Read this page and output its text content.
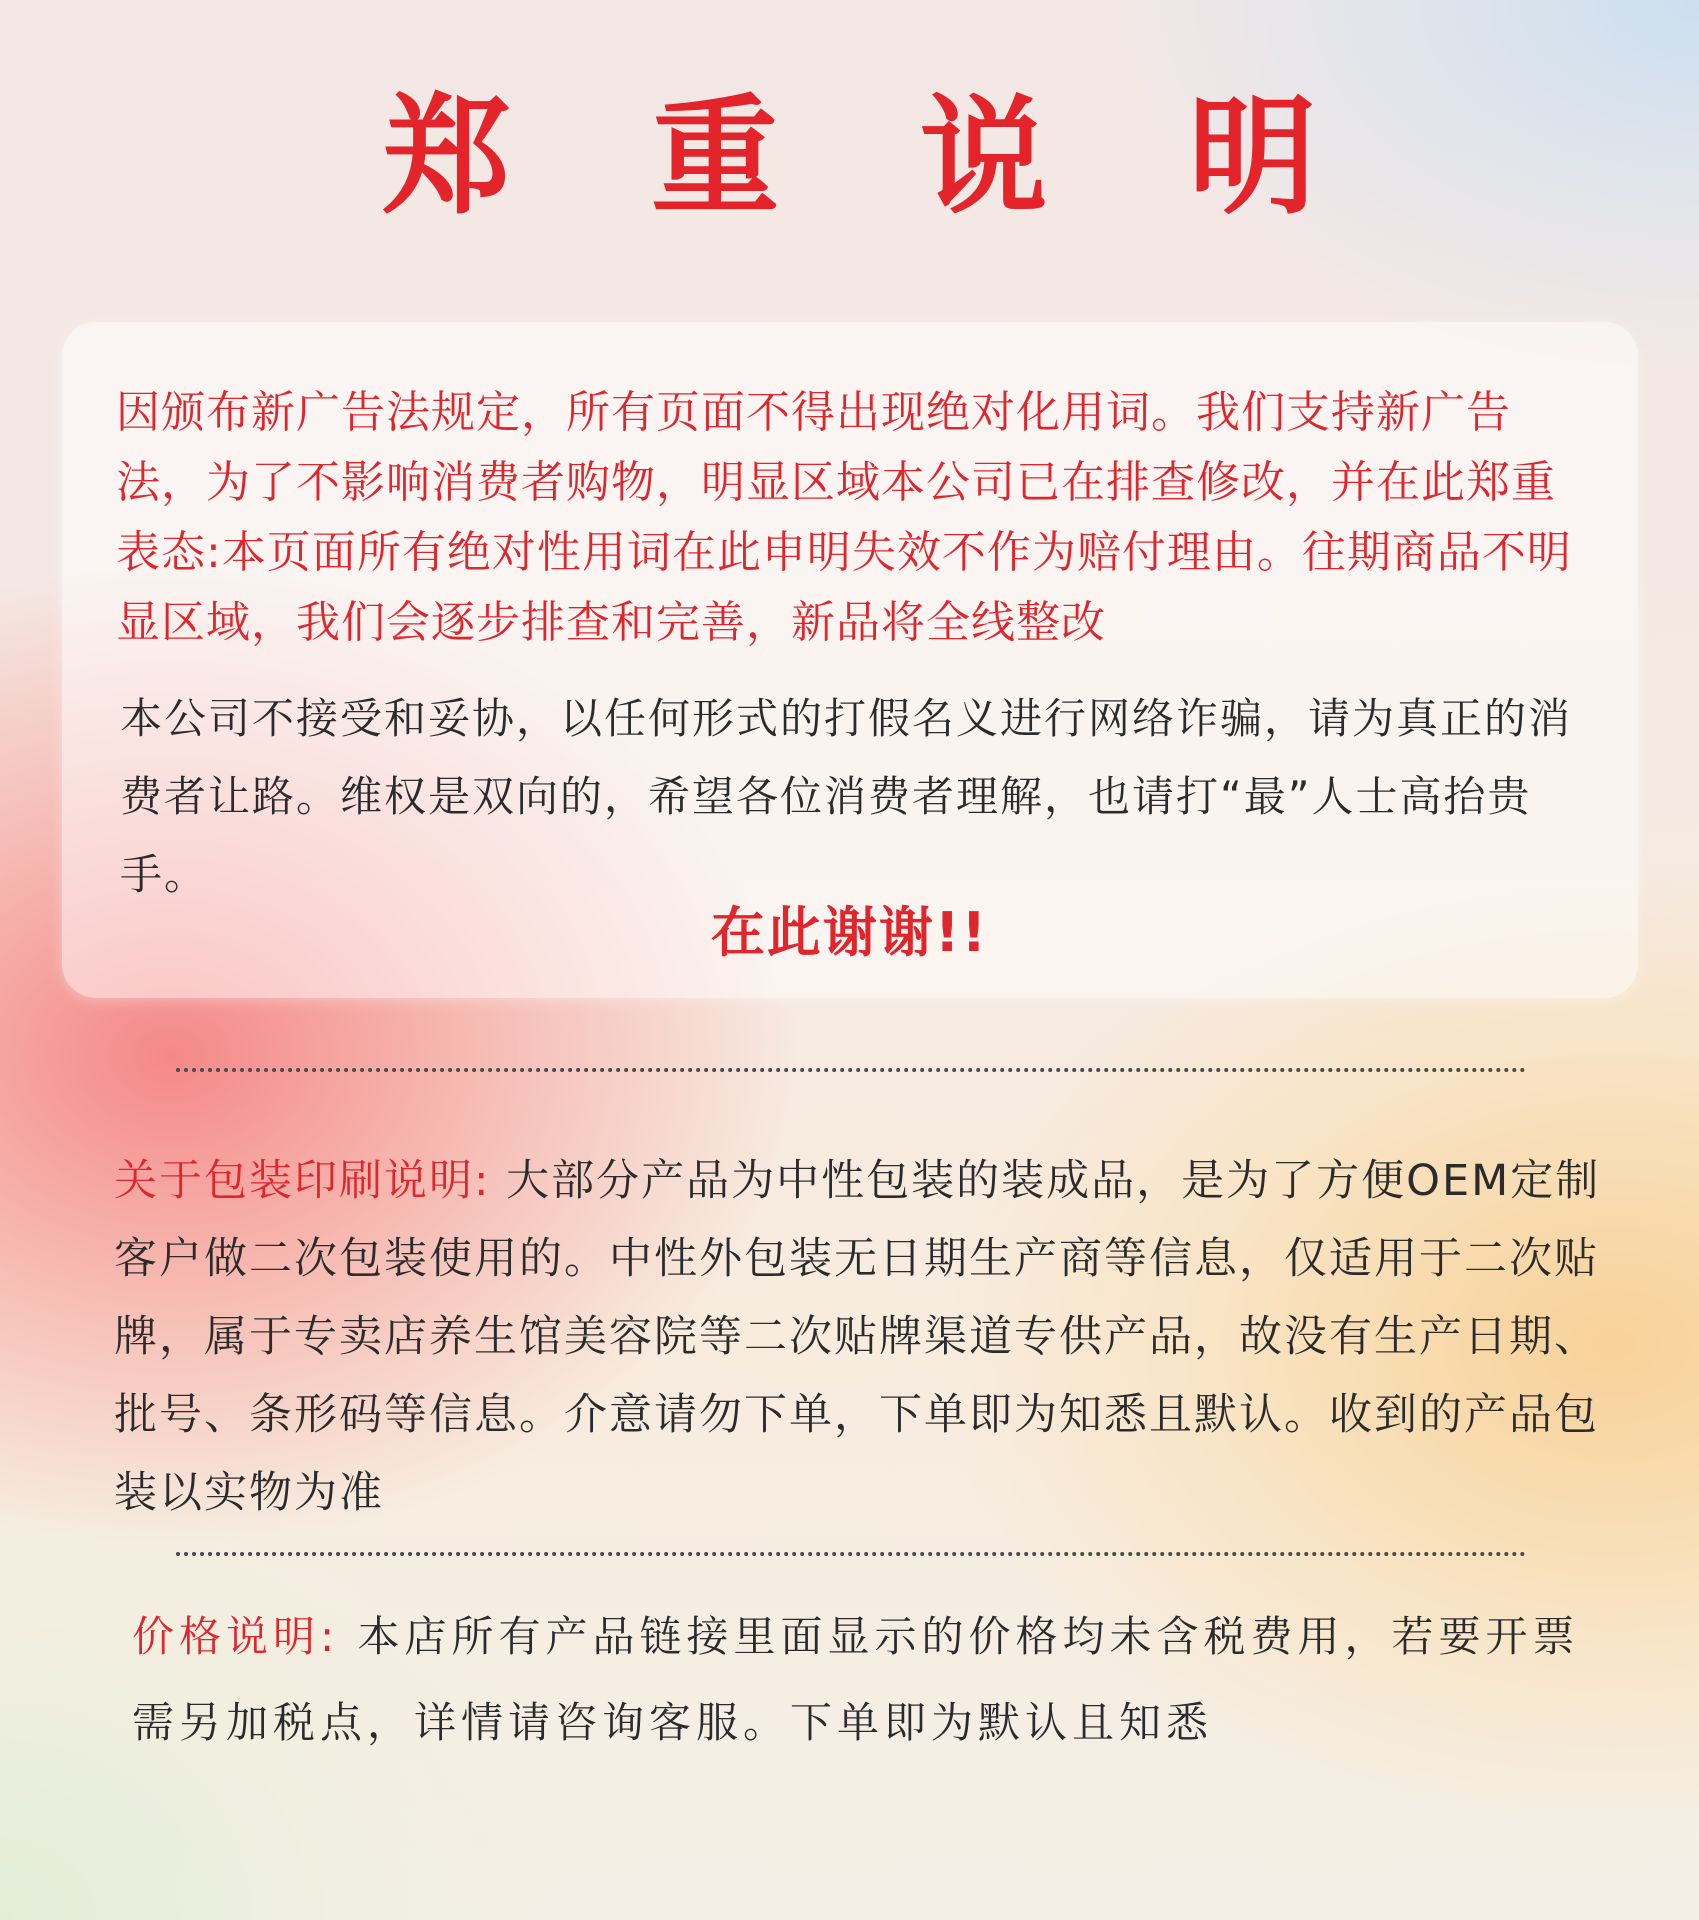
郑 重 说 明

因颁布新广告法规定，所有页面不得出现绝对化用词。我们支持新广告法，为了不影响消费者购物，明显区域本公司已在排查修改，并在此郑重表态:本页面所有绝对性用词在此申明失效不作为赔付理由。往期商品不明显区域，我们会逐步排查和完善，新品将全线整改

本公司不接受和妥协，以任何形式的打假名义进行网络诈骗，请为真正的消费者让路。维权是双向的，希望各位消费者理解，也请打“最”人士高抬贵手。

在此谢谢!!

关于包装印刷说明: 大部分产品为中性包装的装成品，是为了方便OEM定制客户做二次包装使用的。中性外包装无日期生产商等信息，仅适用于二次贴牌，属于专卖店养生馆美容院等二次贴牌渠道专供产品，故没有生产日期、批号、条形码等信息。介意请勿下单，下单即为知悉且默认。收到的产品包装以实物为准

价格说明: 本店所有产品链接里面显示的价格均未含税费用，若要开票需另加税点，详情请咨询客服。下单即为默认且知悉
